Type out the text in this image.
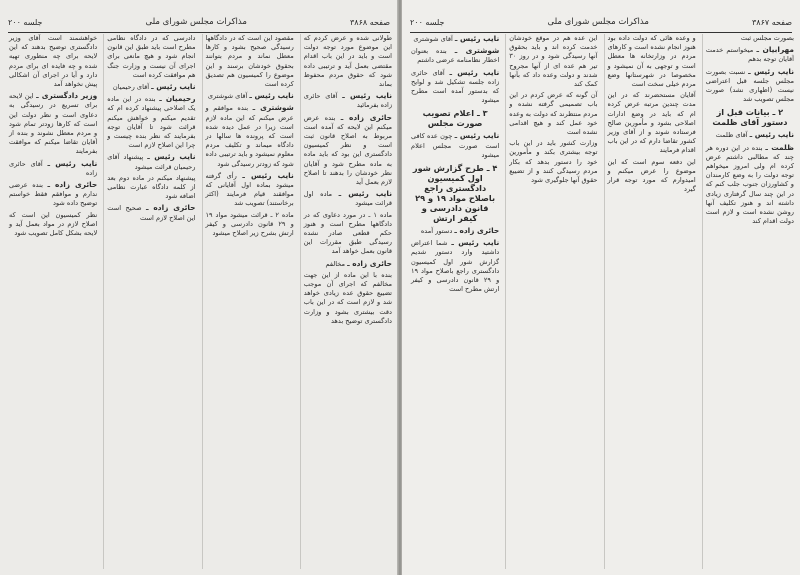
صفحه ۳۸۶۸
مذاکرات مجلس شورای ملی
جلسه ۲۰۰

طولانی شده و عرض کردم که این موضوع مورد توجه دولت است و باید در این باب اقدام مقتضی بعمل آید و ترتیبی داده شود که حقوق مردم محفوظ بماند

نایب رئیس ـ آقای حائری زاده بفرمائید

حائری زاده ـ بنده عرض میکنم این لایحه که آمده است مربوط به اصلاح قانون ثبت است و نظر کمیسیون دادگستری این بود که باید ماده به ماده مطرح شود و آقایان نظر خودشان را بدهند تا اصلاح لازم بعمل آید

نایب رئیس ـ ماده اول قرائت میشود

ماده ۱ ـ در مورد دعاوی که در دادگاهها مطرح است و هنوز حکم قطعی صادر نشده رسیدگی طبق مقررات این قانون بعمل خواهد آمد

حائری زاده ـ مخالفم

بنده با این ماده از این جهت مخالفم که اجرای آن موجب تضییع حقوق عده زیادی خواهد شد و لازم است که در این باب دقت بیشتری بشود و وزارت دادگستری توضیح بدهد

مقصود این است که در دادگاهها رسیدگی صحیح بشود و کارها معطل نماند و مردم بتوانند بحقوق خودشان برسند و این موضوع را کمیسیون هم تصدیق کرده است

نایب رئیس ـ آقای شوشتری

شوشتری ـ بنده موافقم و عرض میکنم که این ماده لازم است زیرا در عمل دیده شده است که پرونده ها سالها در دادگاه میماند و تکلیف مردم معلوم نمیشود و باید ترتیبی داده شود که زودتر رسیدگی شود

نایب رئیس ـ رأی گرفته میشود بماده اول آقایانی که موافقند قیام فرمایند (اکثر برخاستند) تصویب شد

ماده ۲ ـ قرائت میشود مواد ۱۹ و ۲۹ قانون دادرسی و کیفر ارتش بشرح زیر اصلاح میشود

دادرسی که در دادگاه نظامی مطرح است باید طبق این قانون انجام شود و هیچ مانعی برای اجرای آن نیست و وزارت جنگ هم موافقت کرده است

نایب رئیس ـ آقای رحیمیان

رحیمیان ـ بنده در این ماده یک اصلاحی پیشنهاد کرده ام که تقدیم میکنم و خواهش میکنم قرائت شود تا آقایان توجه بفرمایند که نظر بنده چیست و چرا این اصلاح لازم است

نایب رئیس ـ پیشنهاد آقای رحیمیان قرائت میشود

پیشنهاد میکنم در ماده دوم بعد از کلمه دادگاه عبارت نظامی اضافه شود

حائری زاده ـ صحیح است این اصلاح لازم است

خواهشمند است آقای وزیر دادگستری توضیح بدهند که این لایحه برای چه منظوری تهیه شده و چه فایده ای برای مردم دارد و آیا در اجرای آن اشکالی پیش نخواهد آمد

وزیر دادگستری ـ این لایحه برای تسریع در رسیدگی به دعاوی است و نظر دولت این است که کارها زودتر تمام شود و مردم معطل نشوند و بنده از آقایان تقاضا میکنم که موافقت بفرمایند

نایب رئیس ـ آقای حائری زاده

حائری زاده ـ بنده عرضی ندارم و موافقم فقط خواستم توضیح داده شود

نظر کمیسیون این است که اصلاح لازم در مواد بعمل آید و لایحه بشکل کامل تصویب شود

صفحه ۳۸۶۷
مذاکرات مجلس شورای ملی
جلسه ۲۰۰

بصورت مجلس ثبت

مهرابیان ـ میخواستم خدمت آقایان توجه بدهم

نایب رئیس ـ نسبت بصورت مجلس جلسه قبل اعتراضی نیست (اظهاری نشد) صورت مجلس تصویب شد

۲ ـ بیانات قبل از دستور آقای ظلمت

نایب رئیس ـ آقای ظلمت

ظلمت ـ بنده در این دوره هر چند که مطالبی داشتم عرض کرده ام ولی امروز میخواهم توجه دولت را به وضع کارمندان و کشاورزان جنوب جلب کنم که در این چند سال گرفتاری زیادی داشته اند و هنوز تکلیف آنها روشن نشده است و لازم است دولت اقدام کند

و وعده هائی که دولت داده بود هنوز انجام نشده است و کارهای مردم در وزارتخانه ها معطل است و توجهی به آن نمیشود و مخصوصا در شهرستانها وضع مردم خیلی سخت است

آقایان مستحضرند که در این مدت چندین مرتبه عرض کرده ام که باید در وضع ادارات اصلاحی بشود و مأمورین صالح فرستاده شوند و از آقای وزیر کشور تقاضا دارم که در این باب اقدام فرمایند

این دفعه سوم است که این موضوع را عرض میکنم و امیدوارم که مورد توجه قرار گیرد

این عده هم در موقع خودشان خدمت کرده اند و باید بحقوق آنها رسیدگی شود و در روز ۳۰ تیر هم عده ای از آنها مجروح شدند و دولت وعده داد که بآنها کمک کند

آن گونه که عرض کردم در این باب تصمیمی گرفته نشده و مردم منتظرند که دولت به وعده خود عمل کند و هیچ اقدامی نشده است

وزارت کشور باید در این باب توجه بیشتری بکند و مأمورین خود را دستور بدهد که بکار مردم رسیدگی کنند و از تضییع حقوق آنها جلوگیری شود

نایب رئیس ـ آقای شوشتری

شوشتری ـ بنده بعنوان اخطار نظامنامه عرضی داشتم

نایب رئیس ـ آقای حائری زاده جلسه تشکیل شد و لوایح که بدستور آمده است مطرح میشود

۳ ـ اعلام تصویب صورت مجلس

نایب رئیس ـ چون عده کافی است صورت مجلس اعلام میشود

۴ ـ طرح گزارش شور اول کمیسیون دادگستری راجع باصلاح مواد ۱۹ و ۲۹ قانون دادرسی و کیفر ارتش

حائری زاده ـ دستور آمده

نایب رئیس ـ شما اعتراض داشتید وارد دستور شدیم گزارش شور اول کمیسیون دادگستری راجع باصلاح مواد ۱۹ و ۲۹ قانون دادرسی و کیفر ارتش مطرح است
